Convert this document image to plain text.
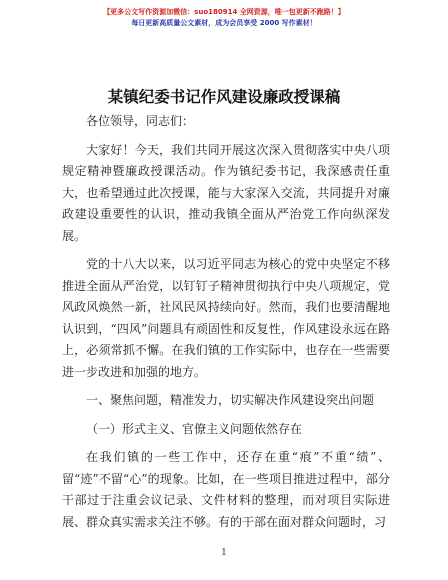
【更多公文写作资源加微信：suo180914 全网资源，唯一包更新不跑路！】
每日更新高质量公文素材，成为会员享受 2000 写作素材！
某镇纪委书记作风建设廉政授课稿

各位领导，同志们：

大家好！今天，我们共同开展这次深入贯彻落实中央八项规定精神暨廉政授课活动。作为镇纪委书记，我深感责任重大，也希望通过此次授课，能与大家深入交流，共同提升对廉政建设重要性的认识，推动我镇全面从严治党工作向纵深发展。

党的十八大以来，以习近平同志为核心的党中央坚定不移推进全面从严治党，以钉钉子精神贯彻执行中央八项规定，党风政风焕然一新，社风民风持续向好。然而，我们也要清醒地认识到，“四风”问题具有顽固性和反复性，作风建设永远在路上，必须常抓不懈。在我们镇的工作实际中，也存在一些需要进一步改进和加强的地方。

一、聚焦问题，精准发力，切实解决作风建设突出问题

（一）形式主义、官僚主义问题依然存在

在我们镇的一些工作中，还存在重“痕”不重“绩”、留“迹”不留“心”的现象。比如，在一些项目推进过程中，部分干部过于注重会议记录、文件材料的整理，而对项目实际进展、群众真实需求关注不够。有的干部在面对群众问题时，习

1
